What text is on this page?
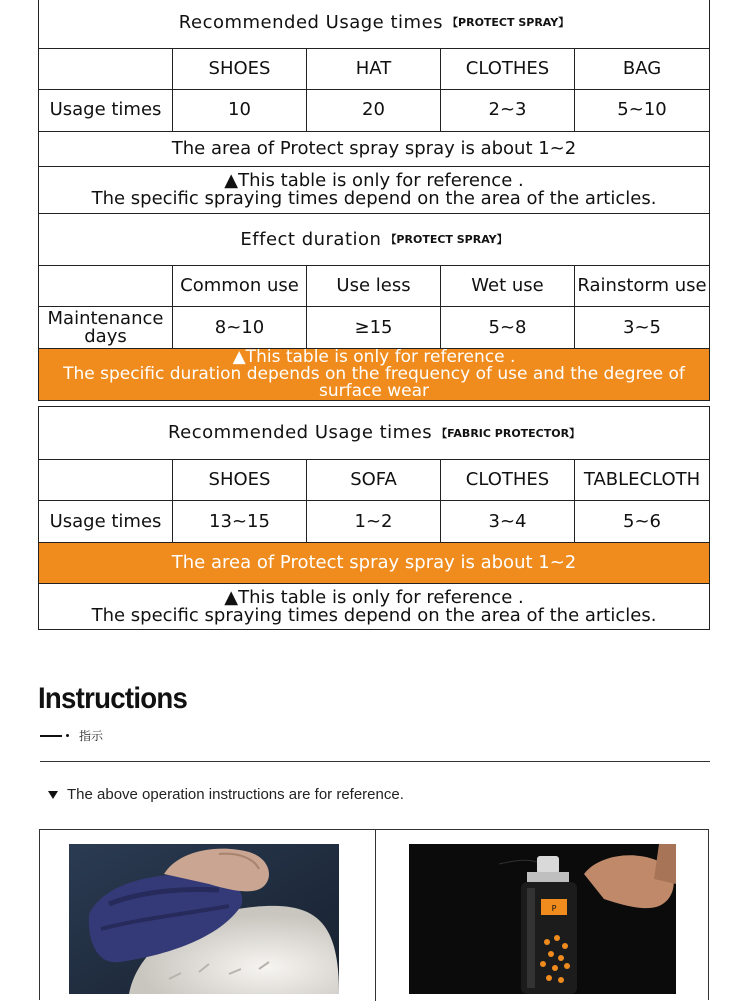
Recommended Usage times 【PROTECT SPRAY】				
	SHOES	HAT	CLOTHES	BAG
Usage times	10	20	2~3	5~10
The area of Protect spray spray is about 1~2				

▲This table is only for reference .
The specific spraying times depend on the area of the articles.				
Effect duration 【PROTECT SPRAY】				
	Common use	Use less	Wet use	Rainstorm use

Maintenance
days	8~10	≥15	5~8	3~5

▲This table is only for reference .
The specific duration depends on the frequency of use and the degree of surface wear				
Recommended Usage times 【FABRIC PROTECTOR】				
	SHOES	SOFA	CLOTHES	TABLECLOTH
Usage times	13~15	1~2	3~4	5~6
The area of Protect spray spray is about 1~2				

▲This table is only for reference .
The specific spraying times depend on the area of the articles.				
Instructions
指示
The above operation instructions are for reference.
P
